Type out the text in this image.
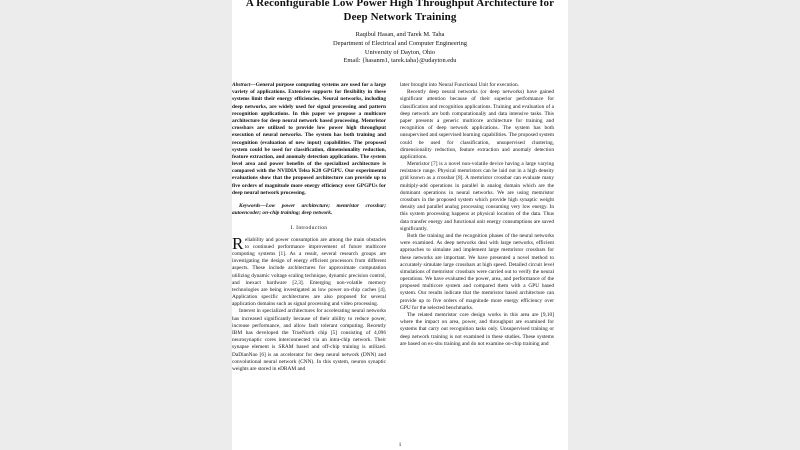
A Reconfigurable Low Power High Throughput Architecture for
Deep Network Training
Raqibul Hasan, and Tarek M. Taha
Department of Electrical and Computer Engineering
University of Dayton, Ohio
Email: {hasanm1, tarek.taha}@udayton.edu

Abstract—General purpose computing systems are used for a large variety of applications. Extensive supports for flexibility in these systems limit their energy efficiencies. Neural networks, including deep networks, are widely used for signal processing and pattern recognition applications. In this paper we propose a multicore architecture for deep neural network based processing. Memristor crossbars are utilized to provide low power high throughput execution of neural networks. The system has both training and recognition (evaluation of new input) capabilities. The proposed system could be used for classification, dimensionality reduction, feature extraction, and anomaly detection applications. The system level area and power benefits of the specialized architecture is compared with the NVIDIA Telsa K20 GPGPU. Our experimental evaluations show that the proposed architecture can provide up to five orders of magnitude more energy efficiency over GPGPUs for deep neural network processing.

Keywords—Low power architecture; memristor crossbar; autoencoder; on-chip training; deep network.

I. Introduction

Reliability and power consumption are among the main obstacles to continued performance improvement of future multicore computing systems [1]. As a result, several research groups are investigating the design of energy efficient processors from different aspects. These include architectures for approximate computation utilizing dynamic voltage scaling technique, dynamic precision control, and inexact hardware [2,3]. Emerging non-volatile memory technologies are being investigated as low power on-chip caches [4]. Application specific architectures are also proposed for several application domains such as signal processing and video processing.

Interest in specialized architectures for accelerating neural networks has increased significantly because of their ability to reduce power, increase performance, and allow fault tolerant computing. Recently IBM has developed the TrueNorth chip [5] consisting of 4,096 neurosynaptic cores interconnected via an intra-chip network. Their synapse element is SRAM based and off-chip training is utilized. DaDianNao [6] is an accelerator for deep neural network (DNN) and convolutional neural network (CNN). In this system, neuron synaptic weights are stored in eDRAM and

later brought into Neural Functional Unit for execution.

Recently deep neural networks (or deep networks) have gained significant attention because of their superior performance for classification and recognition applications. Training and evaluation of a deep network are both computationally and data intensive tasks. This paper presents a generic multicore architecture for training and recognition of deep network applications. The system has both unsupervised and supervised learning capabilities. The proposed system could be used for classification, unsupervised clustering, dimensionality reduction, feature extraction and anomaly detection applications.

Memristor [7] is a novel non-volatile device having a large varying resistance range. Physical memristors can be laid out in a high density grid known as a crossbar [8]. A memristor crossbar can evaluate many multiply-add operations in parallel in analog domain which are the dominant operations in neural networks. We are using memristor crossbars in the proposed system which provide high synaptic weight density and parallel analog processing consuming very low energy. In this system processing happens at physical location of the data. Thus data transfer energy and functional unit energy consumptions are saved significantly.

Both the training and the recognition phases of the neural networks were examined. As deep networks deal with large networks, efficient approaches to simulate and implement large memristor crossbars for these networks are important. We have presented a novel method to accurately simulate large crossbars at high speed. Detailed circuit level simulations of memristor crossbars were carried out to verify the neural operations. We have evaluated the power, area, and performance of the proposed multicore system and compared them with a GPU based system. Our results indicate that the memristor based architecture can provide up to five orders of magnitude more energy efficiency over GPU for the selected benchmarks.

The related memristor core design works in this area are [9,10] where the impact on area, power, and throughput are examined for systems that carry out recognition tasks only. Unsupervised training or deep network training is not examined in these studies. These systems are based on ex-situ training and do not examine on-chip training and

1
